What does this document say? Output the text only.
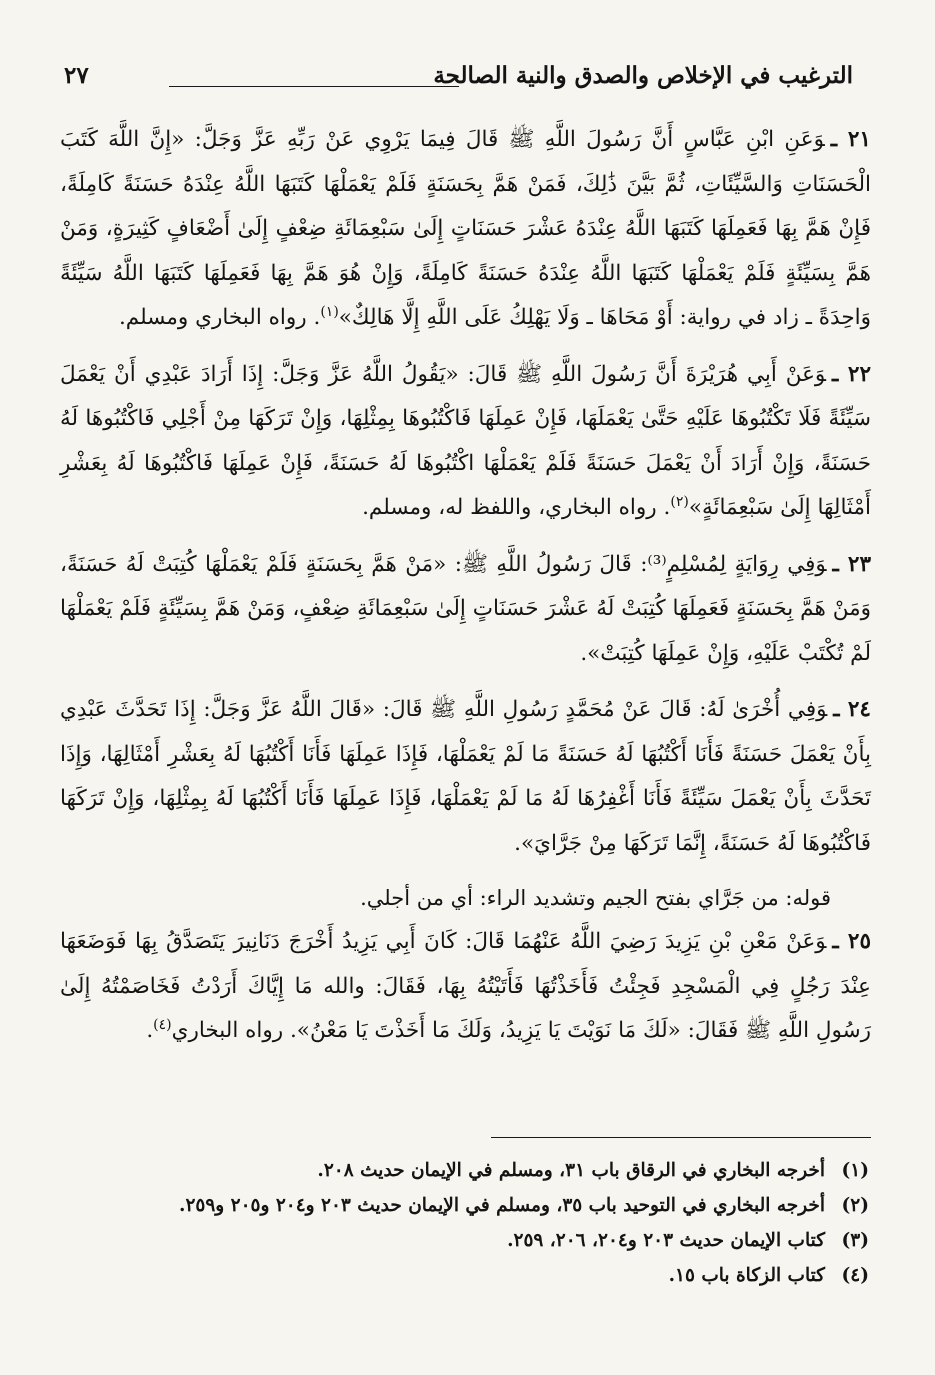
الترغيب في الإخلاص والصدق والنية الصالحة
٢٧

٢١ ـوَعَنِ ابْنِ عَبَّاسٍ أَنَّ رَسُولَ اللَّهِ ﷺ قَالَ فِيمَا يَرْوِي عَنْ رَبِّهِ عَزَّ وَجَلَّ: «إِنَّ اللَّهَ كَتَبَ الْحَسَنَاتِ وَالسَّيِّئَاتِ، ثُمَّ بَيَّنَ ذَٰلِكَ، فَمَنْ هَمَّ بِحَسَنَةٍ فَلَمْ يَعْمَلْهَا كَتَبَهَا اللَّهُ عِنْدَهُ حَسَنَةً كَامِلَةً، فَإِنْ هَمَّ بِهَا فَعَمِلَهَا كَتَبَهَا اللَّهُ عِنْدَهُ عَشْرَ حَسَنَاتٍ إِلَىٰ سَبْعِمَائَةِ ضِعْفٍ إِلَىٰ أَضْعَافٍ كَثِيرَةٍ، وَمَنْ هَمَّ بِسَيِّئَةٍ فَلَمْ يَعْمَلْهَا كَتَبَهَا اللَّهُ عِنْدَهُ حَسَنَةً كَامِلَةً، وَإِنْ هُوَ هَمَّ بِهَا فَعَمِلَهَا كَتَبَهَا اللَّهُ سَيِّئَةً وَاحِدَةً ـ زاد في رواية: أَوْ مَحَاهَا ـ وَلَا يَهْلِكُ عَلَى اللَّهِ إِلَّا هَالِكٌ»$^{(١)}$. رواه البخاري ومسلم.

٢٢ ـوَعَنْ أَبِي هُرَيْرَةَ أَنَّ رَسُولَ اللَّهِ ﷺ قَالَ: «يَقُولُ اللَّهُ عَزَّ وَجَلَّ: إِذَا أَرَادَ عَبْدِي أَنْ يَعْمَلَ سَيِّئَةً فَلَا تَكْتُبُوهَا عَلَيْهِ حَتَّىٰ يَعْمَلَهَا، فَإِنْ عَمِلَهَا فَاكْتُبُوهَا بِمِثْلِهَا، وَإِنْ تَرَكَهَا مِنْ أَجْلِي فَاكْتُبُوهَا لَهُ حَسَنَةً، وَإِنْ أَرَادَ أَنْ يَعْمَلَ حَسَنَةً فَلَمْ يَعْمَلْهَا اكْتُبُوهَا لَهُ حَسَنَةً، فَإِنْ عَمِلَهَا فَاكْتُبُوهَا لَهُ بِعَشْرِ أَمْثَالِهَا إِلَىٰ سَبْعِمَائَةٍ»$^{(٢)}$. رواه البخاري، واللفظ له، ومسلم.

٢٣ ـوَفِي رِوَايَةٍ لِمُسْلِمٍ⁽³⁾: قَالَ رَسُولُ اللَّهِ ﷺ: «مَنْ هَمَّ بِحَسَنَةٍ فَلَمْ يَعْمَلْهَا كُتِبَتْ لَهُ حَسَنَةً، وَمَنْ هَمَّ بِحَسَنَةٍ فَعَمِلَهَا كُتِبَتْ لَهُ عَشْرَ حَسَنَاتٍ إِلَىٰ سَبْعِمَائَةِ ضِعْفٍ، وَمَنْ هَمَّ بِسَيِّئَةٍ فَلَمْ يَعْمَلْهَا لَمْ تُكْتَبْ عَلَيْهِ، وَإِنْ عَمِلَهَا كُتِبَتْ».

٢٤ ـوَفِي أُخْرَىٰ لَهُ: قَالَ عَنْ مُحَمَّدٍ رَسُولِ اللَّهِ ﷺ قَالَ: «قَالَ اللَّهُ عَزَّ وَجَلَّ: إِذَا تَحَدَّثَ عَبْدِي بِأَنْ يَعْمَلَ حَسَنَةً فَأَنَا أَكْتُبُهَا لَهُ حَسَنَةً مَا لَمْ يَعْمَلْهَا، فَإِذَا عَمِلَهَا فَأَنَا أَكْتُبُهَا لَهُ بِعَشْرِ أَمْثَالِهَا، وَإِذَا تَحَدَّثَ بِأَنْ يَعْمَلَ سَيِّئَةً فَأَنَا أَغْفِرُهَا لَهُ مَا لَمْ يَعْمَلْهَا، فَإِذَا عَمِلَهَا فَأَنَا أَكْتُبُهَا لَهُ بِمِثْلِهَا، وَإِنْ تَرَكَهَا فَاكْتُبُوهَا لَهُ حَسَنَةً، إِنَّمَا تَرَكَهَا مِنْ جَرَّايَ».

قوله: من جَرَّاي بفتح الجيم وتشديد الراء: أي من أجلي.

٢٥ ـوَعَنْ مَعْنِ بْنِ يَزِيدَ رَضِيَ اللَّهُ عَنْهُمَا قَالَ: كَانَ أَبِي يَزِيدُ أَخْرَجَ دَنَانِيرَ يَتَصَدَّقُ بِهَا فَوَضَعَهَا عِنْدَ رَجُلٍ فِي الْمَسْجِدِ فَجِئْتُ فَأَخَذْتُهَا فَأَتَيْتُهُ بِهَا، فَقَالَ: والله مَا إِيَّاكَ أَرَدْتُ فَخَاصَمْتُهُ إِلَىٰ رَسُولِ اللَّهِ ﷺ فَقَالَ: «لَكَ مَا نَوَيْتَ يَا يَزِيدُ، وَلَكَ مَا أَخَذْتَ يَا مَعْنُ». رواه البخاري$^{(٤)}$.

(١)أخرجه البخاري في الرقاق باب ٣١، ومسلم في الإيمان حديث ٢٠٨.
(٢)أخرجه البخاري في التوحيد باب ٣٥، ومسلم في الإيمان حديث ٢٠٣ و٢٠٤ و٢٠٥ و٢٥٩.
(٣)كتاب الإيمان حديث ٢٠٣ و٢٠٤، ٢٠٦، ٢٥٩.
(٤)كتاب الزكاة باب ١٥.
